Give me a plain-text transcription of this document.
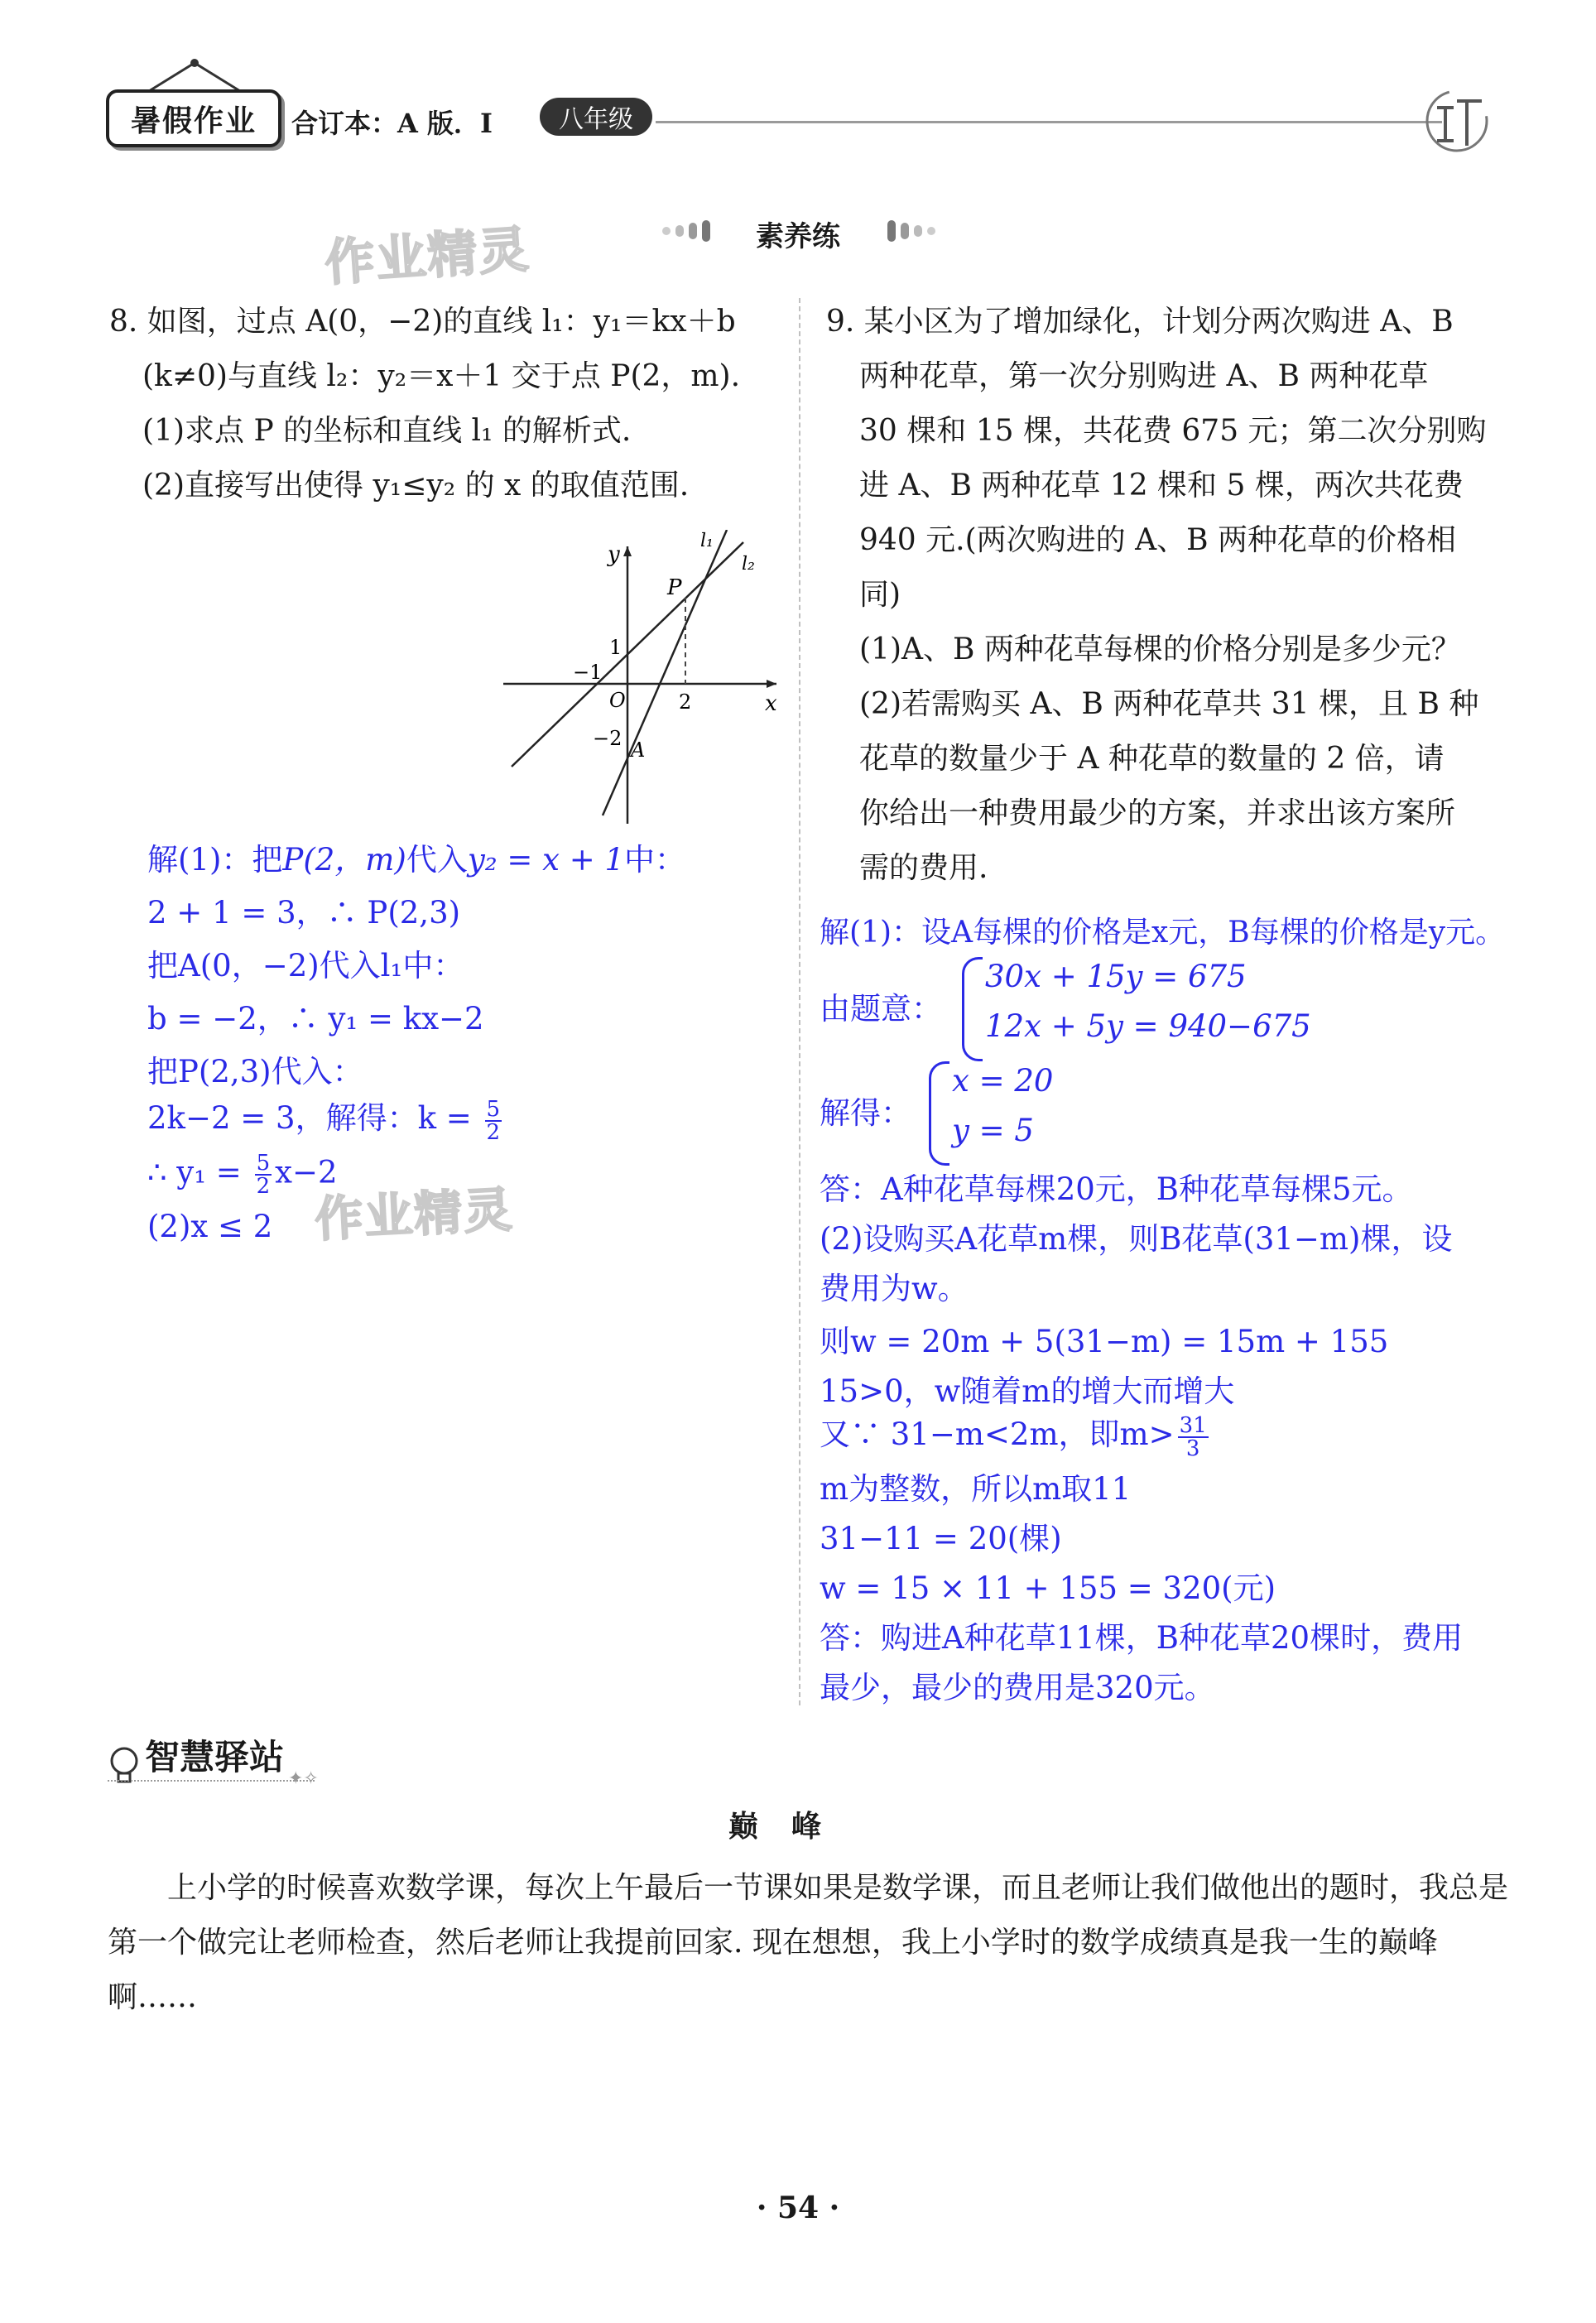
暑假作业 合订本：A 版．I	八年级
作业精灵	素养练

8. 如图，过点 A(0，−2)的直线 l₁：y₁＝kx＋b

(k≠0)与直线 l₂：y₂＝x＋1 交于点 P(2，m).

(1)求点 P 的坐标和直线 l₁ 的解析式.

(2)直接写出使得 y₁≤y₂ 的 x 的取值范围.

y
x
l₁
l₂
P
1
−1
O	2
−2 A
解(1)：把P(2，m)代入y₂ = x + 1中：
2 + 1 = 3，∴ P(2,3)
把A(0，−2)代入l₁中：
b = −2，∴ y₁ = kx−2
把P(2,3)代入：
2k−2 = 3，解得：$k = \frac{5}{2}$
∴ $y_1 = \frac{5}{2} x-2$
(2)x ≤ 2 作业精灵

9. 某小区为了增加绿化，计划分两次购进 A、B

两种花草，第一次分别购进 A、B 两种花草

30 棵和 15 棵，共花费 675 元；第二次分别购

进 A、B 两种花草 12 棵和 5 棵，两次共花费

940 元.(两次购进的 A、B 两种花草的价格相

同)

(1)A、B 两种花草每棵的价格分别是多少元？

(2)若需购买 A、B 两种花草共 31 棵，且 B 种

花草的数量少于 A 种花草的数量的 2 倍，请

你给出一种费用最少的方案，并求出该方案所

需的费用.

解(1)：设A每棵的价格是x元，B每棵的价格是y元。
由题意：
30x + 15y = 675
12x + 5y = 940−675
解得：
x = 20
y = 5
答：A种花草每棵20元，B种花草每棵5元。
(2)设购买A花草m棵，则B花草(31−m)棵，设
费用为w。
则w = 20m + 5(31−m) = 15m + 155
15>0，w随着m的增大而增大
又∵ 31−m<2m，即$m> \frac{31}{3}$
m为整数，所以m取11
31−11 = 20(棵)
w = 15 × 11 + 155 = 320(元)
答：购进A种花草11棵，B种花草20棵时，费用
最少，最少的费用是320元。
智慧驿站
✦✧
巅　峰

上小学的时候喜欢数学课，每次上午最后一节课如果是数学课，而且老师让我们做他出的题时，我总是第一个做完让老师检查，然后老师让我提前回家. 现在想想，我上小学时的数学成绩真是我一生的巅峰啊……

· 54 ·
